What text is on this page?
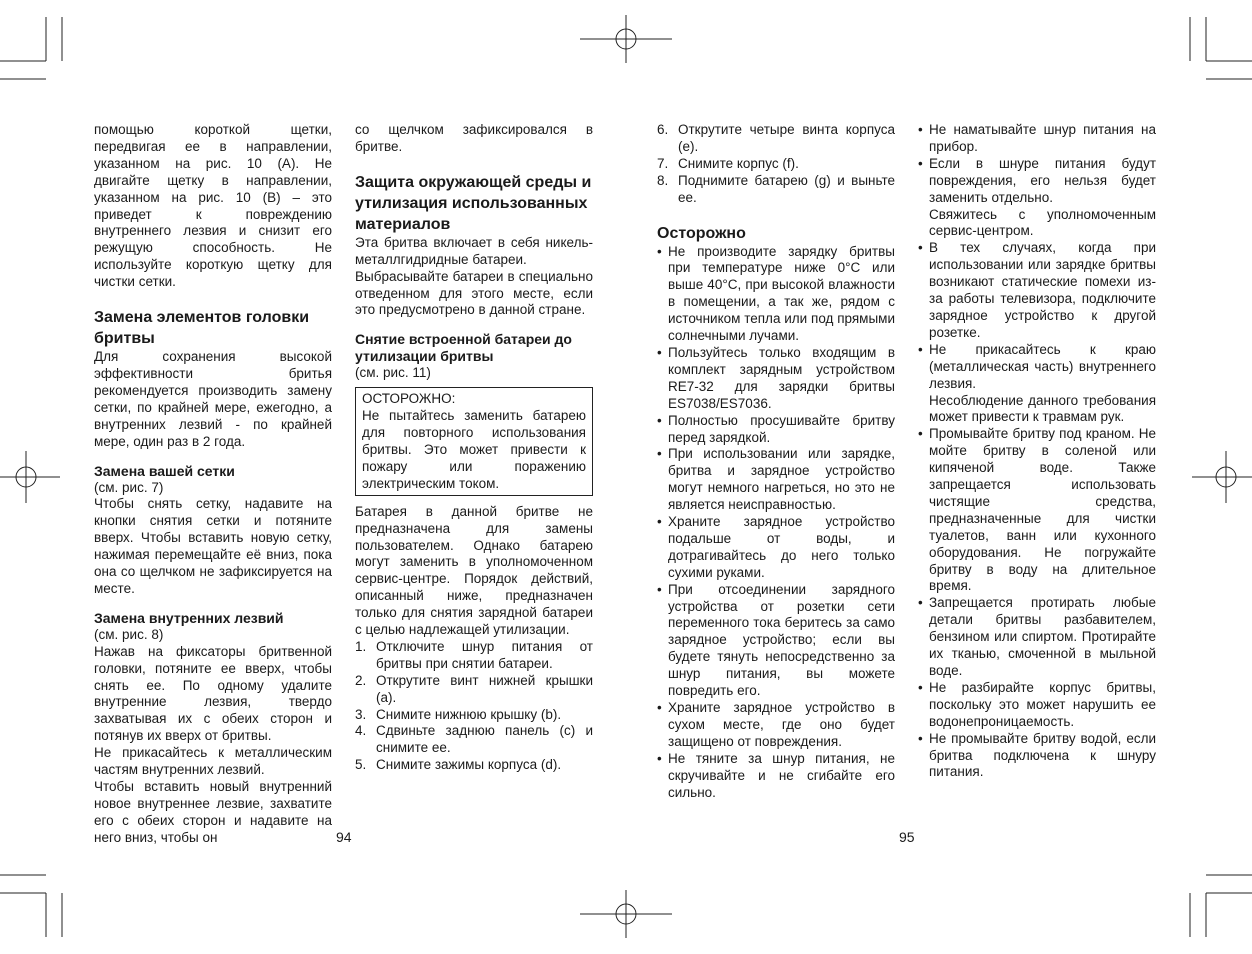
помощью короткой щетки, передвигая ее в направлении, указанном на рис. 10 (A). Не двигайте щетку в направлении, указанном на рис. 10 (B) – это приведет к повреждению внутреннего лезвия и снизит его режущую способность. Не используйте короткую щетку для чистки сетки.

Замена элементов головки бритвы

Для сохранения высокой эффективности бритья рекомендуется производить замену сетки, по крайней мере, ежегодно, а внутренних лезвий - по крайней мере, один раз в 2 года.

Замена вашей сетки

(см. рис. 7)

Чтобы снять сетку, надавите на кнопки снятия сетки и потяните вверх. Чтобы вставить новую сетку, нажимая перемещайте её вниз, пока она со щелчком не зафиксируется на месте.

Замена внутренних лезвий

(см. рис. 8)

Нажав на фиксаторы бритвенной головки, потяните ее вверх, чтобы снять ее. По одному удалите внутренние лезвия, твердо захватывая их с обеих сторон и потянув их вверх от бритвы.

Не прикасайтесь к металлическим частям внутренних лезвий.

Чтобы вставить новый внутренний новое внутреннее лезвие, захватите его с обеих сторон и надавите на него вниз, чтобы он

со щелчком зафиксировался в бритве.

Защита окружающей среды и утилизация использованных материалов

Эта бритва включает в себя никель-металлгидридные батареи.

Выбрасывайте батареи в специально отведенном для этого месте, если это предусмотрено в данной стране.

Снятие встроенной батареи до утилизации бритвы

(см. рис. 11)

ОСТОРОЖНО:

Не пытайтесь заменить батарею для повторного использования бритвы. Это может привести к пожару или поражению электрическим током.

Батарея в данной бритве не предназначена для замены пользователем. Однако батарею могут заменить в уполномоченном сервис-центре. Порядок действий, описанный ниже, предназначен только для снятия зарядной батареи с целью надлежащей утилизации.

1. Отключите шнур питания от бритвы при снятии батареи.
2. Открутите винт нижней крышки (a).
3. Снимите нижнюю крышку (b).
4. Сдвиньте заднюю панель (c) и снимите ее.
5. Снимите зажимы корпуса (d).
94
6. Открутите четыре винта корпуса (e).
7. Снимите корпус (f).
8. Поднимите батарею (g) и выньте ее.
Осторожно
• Не производите зарядку бритвы при температуре ниже 0°C или выше 40°C, при высокой влажности в помещении, а так же, рядом с источником тепла или под прямыми солнечными лучами.
• Пользуйтесь только входящим в комплект зарядным устройством RE7-32 для зарядки бритвы ES7038/ES7036.
• Полностью просушивайте бритву перед зарядкой.
• При использовании или зарядке, бритва и зарядное устройство могут немного нагреться, но это не является неисправностью.
• Храните зарядное устройство подальше от воды, и дотрагивайтесь до него только сухими руками.
• При отсоединении зарядного устройства от розетки сети переменного тока беритесь за само зарядное устройство; если вы будете тянуть непосредственно за шнур питания, вы можете повредить его.
• Храните зарядное устройство в сухом месте, где оно будет защищено от повреждения.
• Не тяните за шнур питания, не скручивайте и не сгибайте его сильно.
• Не наматывайте шнур питания на прибор.
• Если в шнуре питания будут повреждения, его нельзя будет заменить отдельно.
Свяжитесь с уполномоченным сервис-центром.
• В тех случаях, когда при использовании или зарядке бритвы возникают статические помехи из-за работы телевизора, подключите зарядное устройство к другой розетке.
• Не прикасайтесь к краю (металлическая часть) внутреннего лезвия.
Несоблюдение данного требования может привести к травмам рук.
• Промывайте бритву под краном. Не мойте бритву в соленой или кипяченой воде. Также запрещается использовать чистящие средства, предназначенные для чистки туалетов, ванн или кухонного оборудования. Не погружайте бритву в воду на длительное время.
• Запрещается протирать любые детали бритвы разбавителем, бензином или спиртом. Протирайте их тканью, смоченной в мыльной воде.
• Не разбирайте корпус бритвы, поскольку это может нарушить ее водонепроницаемость.
• Не промывайте бритву водой, если бритва подключена к шнуру питания.
95
